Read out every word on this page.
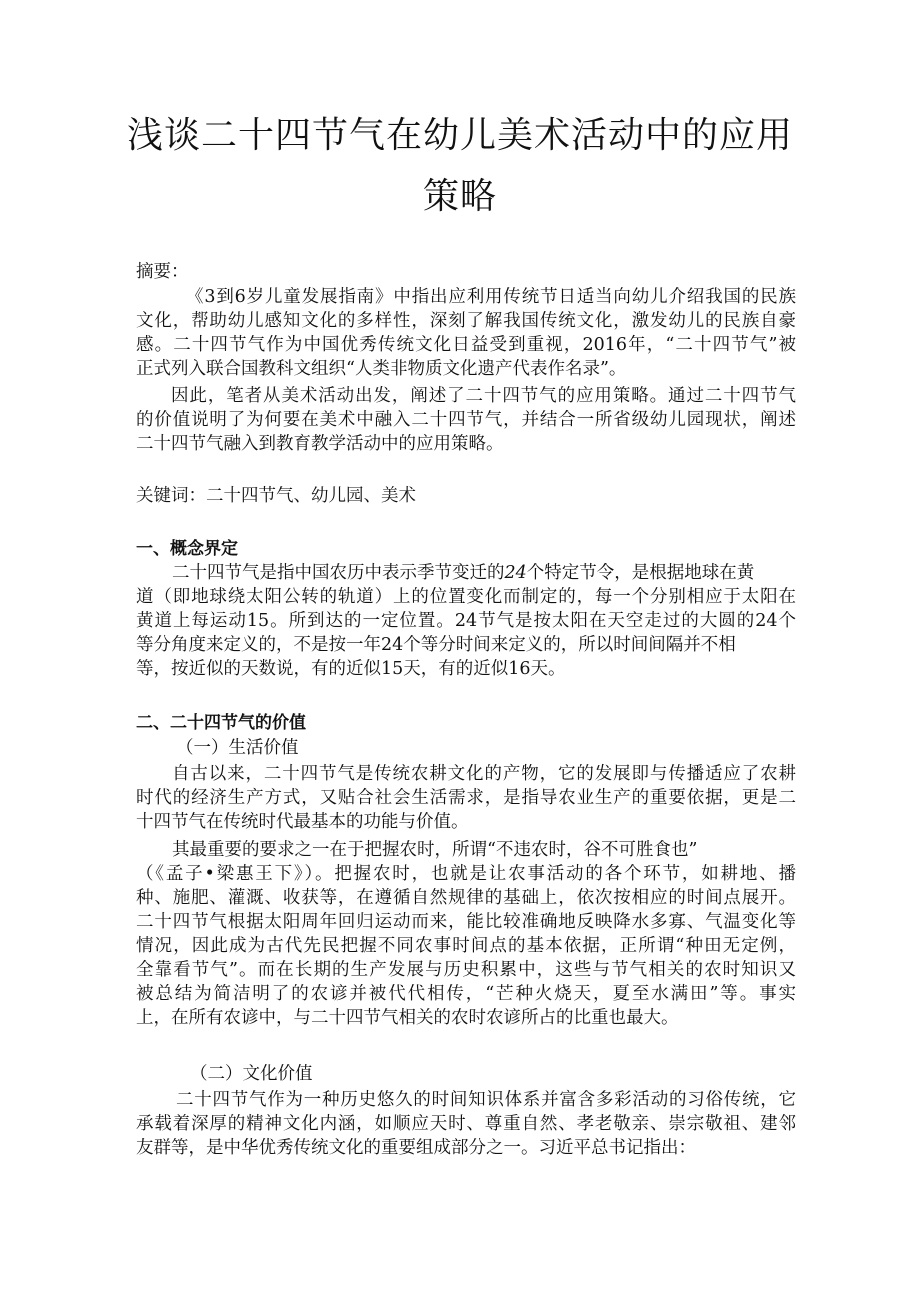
浅谈二十四节气在幼儿美术活动中的应用
策略
摘要：
《3到6岁儿童发展指南》中指出应利用传统节日适当向幼儿介绍我国的民族
文化，帮助幼儿感知文化的多样性，深刻了解我国传统文化，激发幼儿的民族自豪
感。二十四节气作为中国优秀传统文化日益受到重视，2016年，“二十四节气”被
正式列入联合国教科文组织“人类非物质文化遗产代表作名录”。
因此，笔者从美术活动出发，阐述了二十四节气的应用策略。通过二十四节气
的价值说明了为何要在美术中融入二十四节气，并结合一所省级幼儿园现状，阐述
二十四节气融入到教育教学活动中的应用策略。
关键词：二十四节气、幼儿园、美术
一、概念界定
二十四节气是指中国农历中表示季节变迁的24个特定节令，是根据地球在黄
道（即地球绕太阳公转的轨道）上的位置变化而制定的，每一个分别相应于太阳在
黄道上每运动15。所到达的一定位置。24节气是按太阳在天空走过的大圆的24个
等分角度来定义的，不是按一年24个等分时间来定义的，所以时间间隔并不相
等，按近似的天数说，有的近似15天，有的近似16天。
二、二十四节气的价值
（一）生活价值
自古以来，二十四节气是传统农耕文化的产物，它的发展即与传播适应了农耕
时代的经济生产方式，又贴合社会生活需求，是指导农业生产的重要依据，更是二
十四节气在传统时代最基本的功能与价值。
其最重要的要求之一在于把握农时，所谓“不违农时，谷不可胜食也”
（《孟子•梁惠王下》）。把握农时，也就是让农事活动的各个环节，如耕地、播
种、施肥、灌溉、收获等，在遵循自然规律的基础上，依次按相应的时间点展开。
二十四节气根据太阳周年回归运动而来，能比较准确地反映降水多寡、气温变化等
情况，因此成为古代先民把握不同农事时间点的基本依据，正所谓“种田无定例，
全靠看节气”。而在长期的生产发展与历史积累中，这些与节气相关的农时知识又
被总结为简洁明了的农谚并被代代相传，“芒种火烧天，夏至水满田”等。事实
上，在所有农谚中，与二十四节气相关的农时农谚所占的比重也最大。
（二）文化价值
二十四节气作为一种历史悠久的时间知识体系并富含多彩活动的习俗传统，它
承载着深厚的精神文化内涵，如顺应天时、尊重自然、孝老敬亲、崇宗敬祖、建邻
友群等，是中华优秀传统文化的重要组成部分之一。习近平总书记指出：
